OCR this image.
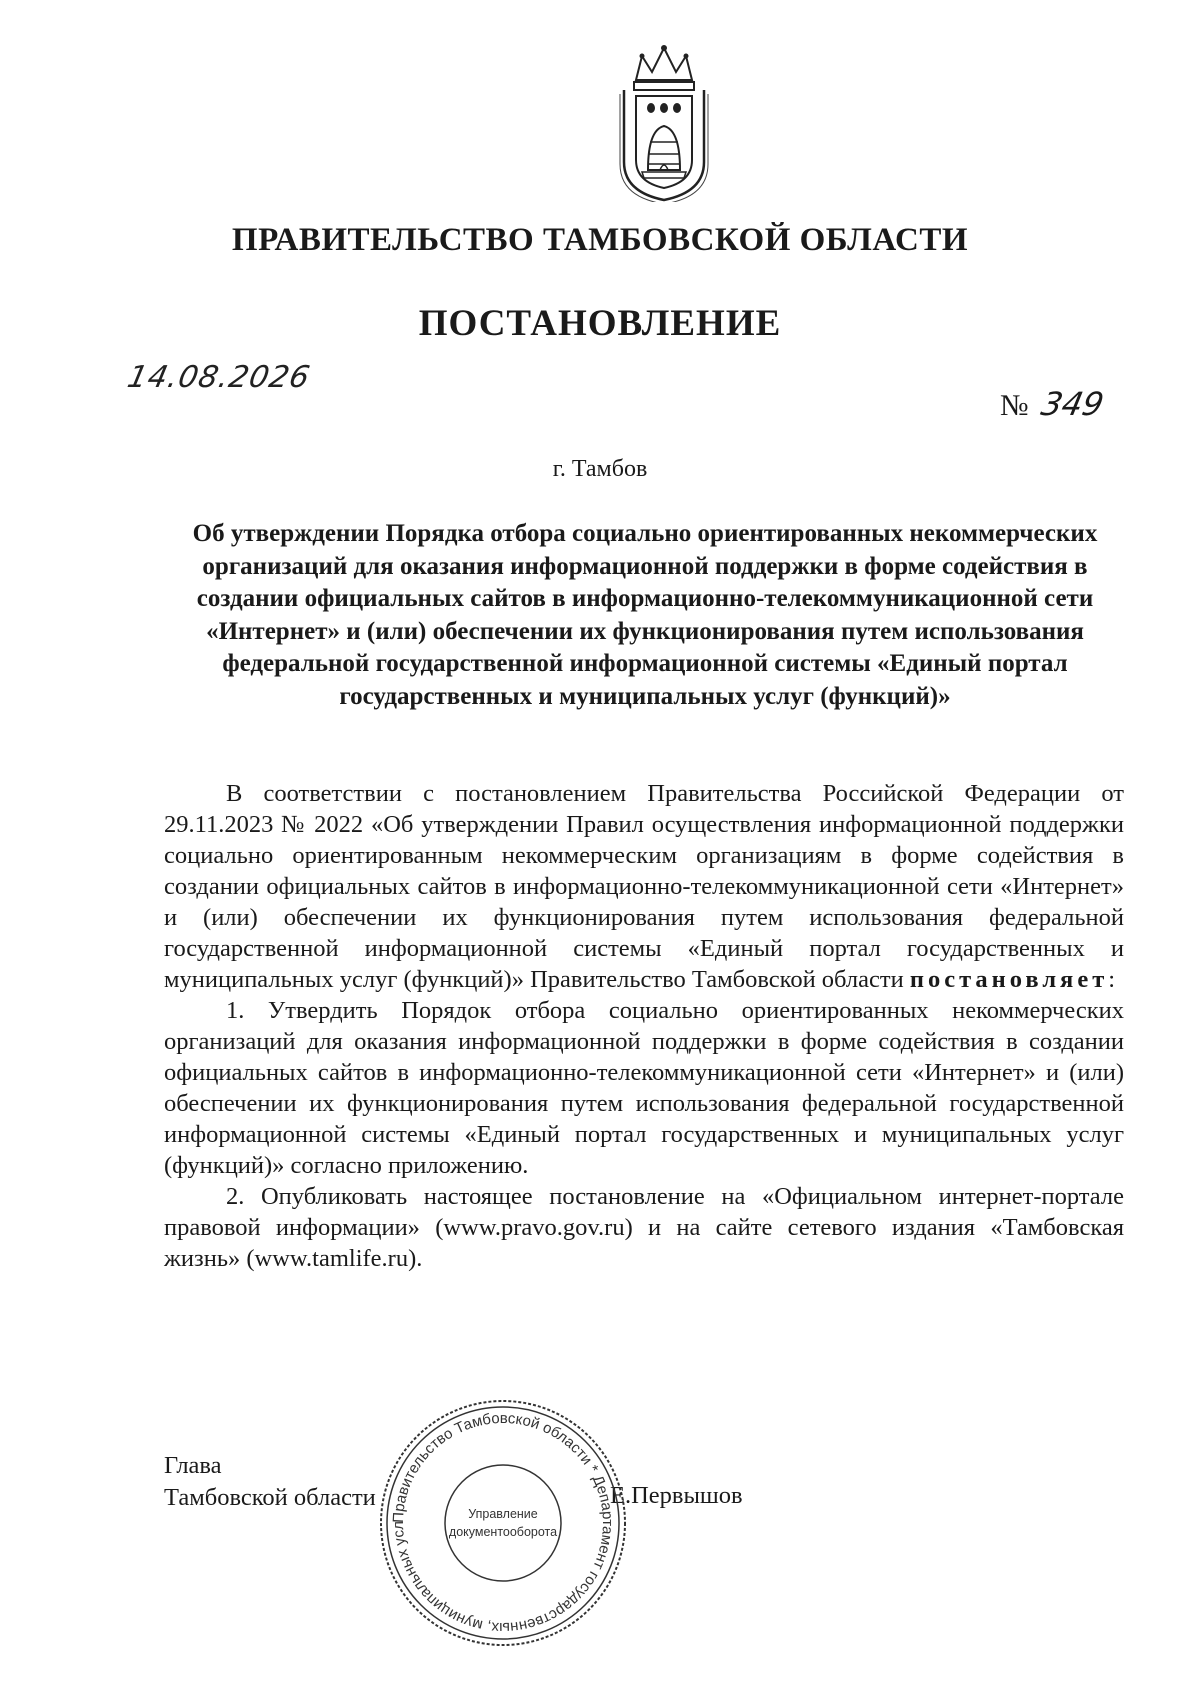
ПРАВИТЕЛЬСТВО ТАМБОВСКОЙ ОБЛАСТИ
ПОСТАНОВЛЕНИЕ
14.08.2026
№ 349
г. Тамбов
Об утверждении Порядка отбора социально ориентированных некоммерческих организаций для оказания информационной поддержки в форме содействия в создании официальных сайтов в информационно-телекоммуникационной сети «Интернет» и (или) обеспечении их функционирования путем использования федеральной государственной информационной системы «Единый портал государственных и муниципальных услуг (функций)»

В соответствии с постановлением Правительства Российской Федерации от 29.11.2023 № 2022 «Об утверждении Правил осуществления информационной поддержки социально ориентированным некоммерческим организациям в форме содействия в создании официальных сайтов в информационно-телекоммуникационной сети «Интернет» и (или) обеспечении их функционирования путем использования федеральной государственной информационной системы «Единый портал государственных и муниципальных услуг (функций)» Правительство Тамбовской области постановляет:

1. Утвердить Порядок отбора социально ориентированных некоммерческих организаций для оказания информационной поддержки в форме содействия в создании официальных сайтов в информационно-телекоммуникационной сети «Интернет» и (или) обеспечении их функционирования путем использования федеральной государственной информационной системы «Единый портал государственных и муниципальных услуг (функций)» согласно приложению.

2. Опубликовать настоящее постановление на «Официальном интернет-портале правовой информации» (www.pravo.gov.ru) и на сайте сетевого издания «Тамбовская жизнь» (www.tamlife.ru).

Глава
Тамбовской области	Е.Первышов
Правительство Тамбовской области * Департамент государственных, муниципальных усл
Управление
документооборота
